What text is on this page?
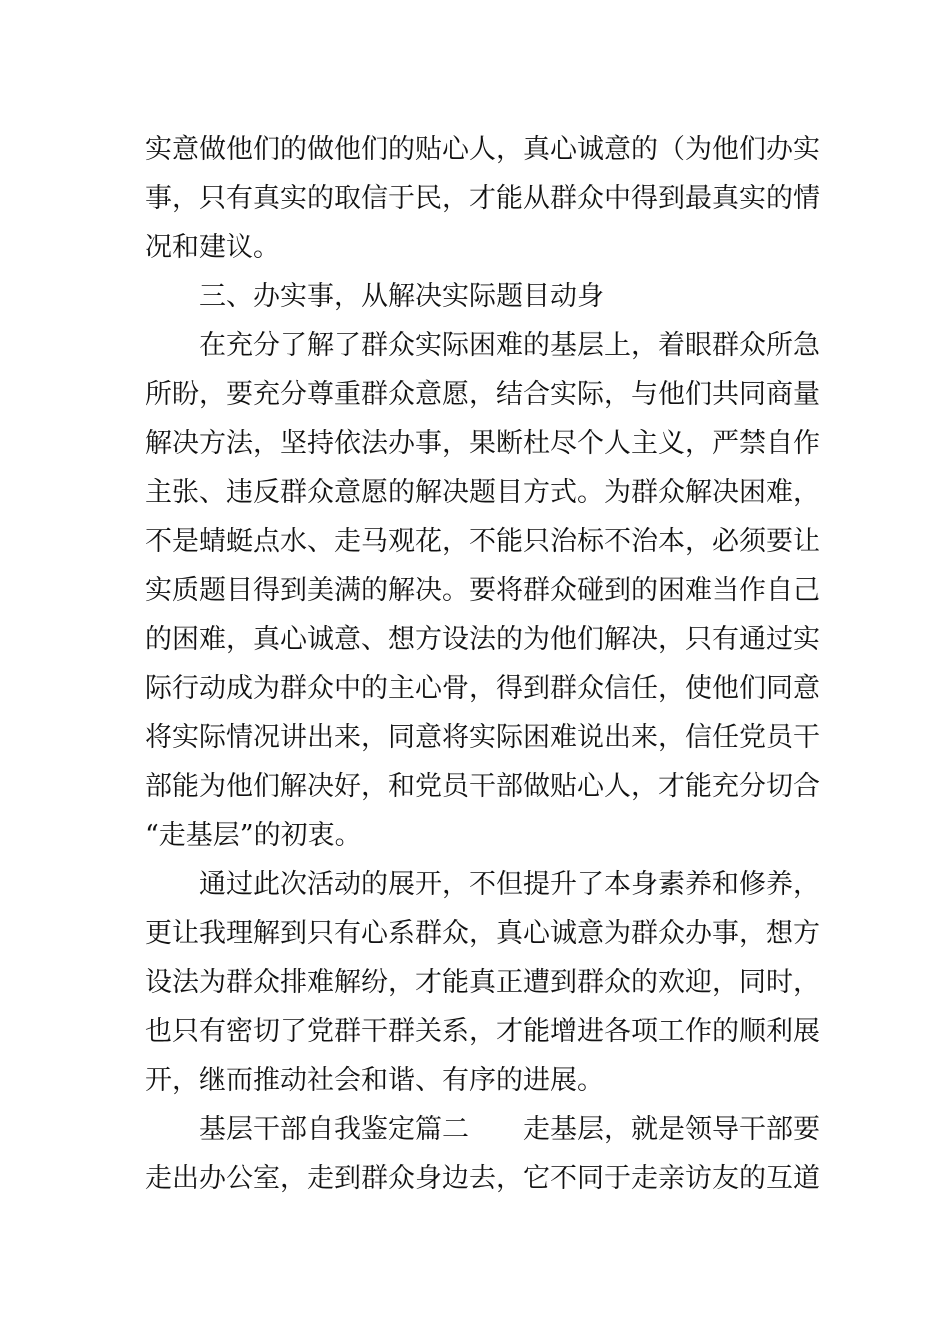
实意做他们的做他们的贴心人，真心诚意的（为他们办实
事，只有真实的取信于民，才能从群众中得到最真实的情
况和建议。
三、办实事，从解决实际题目动身
在充分了解了群众实际困难的基层上，着眼群众所急
所盼，要充分尊重群众意愿，结合实际，与他们共同商量
解决方法，坚持依法办事，果断杜尽个人主义，严禁自作
主张、违反群众意愿的解决题目方式。为群众解决困难，
不是蜻蜓点水、走马观花，不能只治标不治本，必须要让
实质题目得到美满的解决。要将群众碰到的困难当作自己
的困难，真心诚意、想方设法的为他们解决，只有通过实
际行动成为群众中的主心骨，得到群众信任，使他们同意
将实际情况讲出来，同意将实际困难说出来，信任党员干
部能为他们解决好，和党员干部做贴心人，才能充分切合
“走基层”的初衷。
通过此次活动的展开，不但提升了本身素养和修养，
更让我理解到只有心系群众，真心诚意为群众办事，想方
设法为群众排难解纷，才能真正遭到群众的欢迎，同时，
也只有密切了党群干群关系，才能增进各项工作的顺利展
开，继而推动社会和谐、有序的进展。
基层干部自我鉴定篇二　　走基层，就是领导干部要
走出办公室，走到群众身边去，它不同于走亲访友的互道
